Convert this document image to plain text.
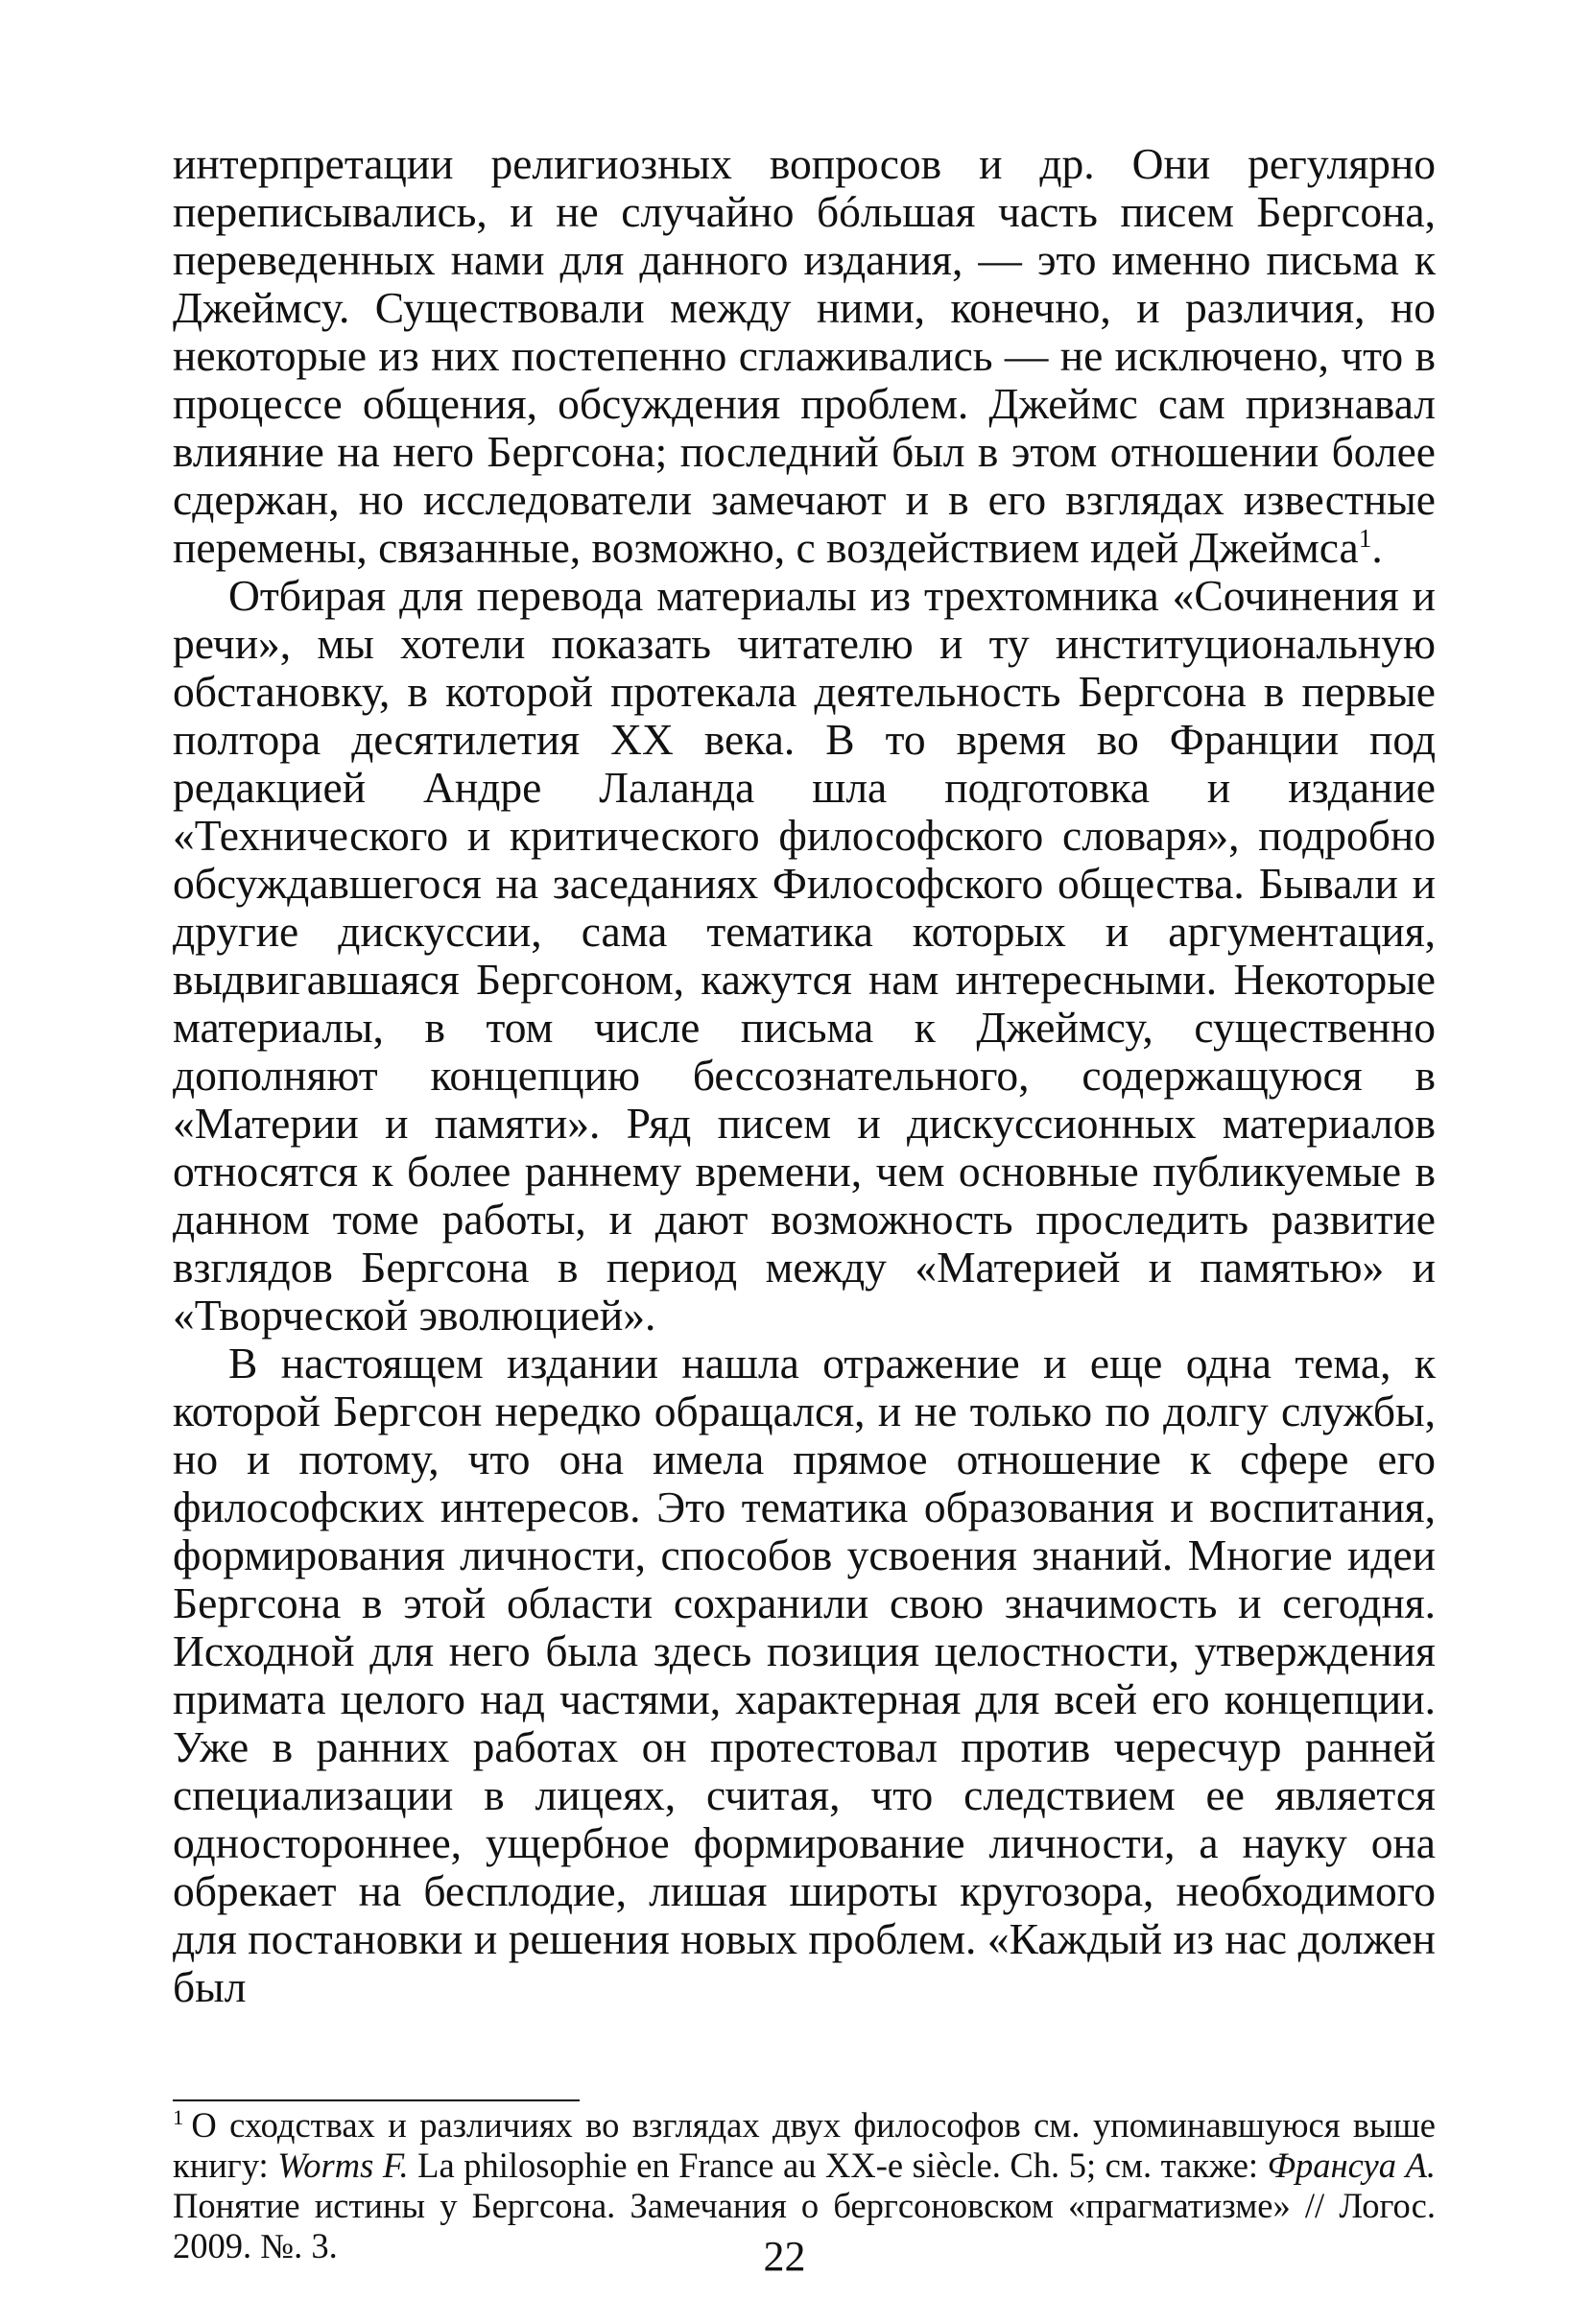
интерпретации религиозных вопросов и др. Они регулярно переписывались, и не случайно бóльшая часть писем Бергсона, переведенных нами для данного издания, — это именно письма к Джеймсу. Существовали между ними, конечно, и различия, но некоторые из них постепенно сглаживались — не исключено, что в процессе общения, обсуждения проблем. Джеймс сам признавал влияние на него Бергсона; последний был в этом отношении более сдержан, но исследователи замечают и в его взглядах известные перемены, связанные, возможно, с воздействием идей Джеймса$^1$.

Отбирая для перевода материалы из трехтомника «Сочинения и речи», мы хотели показать читателю и ту институциональную обстановку, в которой протекала деятельность Бергсона в первые полтора десятилетия XX века. В то время во Франции под редакцией Андре Лаланда шла подготовка и издание «Технического и критического философского словаря», подробно обсуждавшегося на заседаниях Философского общества. Бывали и другие дискуссии, сама тематика которых и аргументация, выдвигавшаяся Бергсоном, кажутся нам интересными. Некоторые материалы, в том числе письма к Джеймсу, существенно дополняют концепцию бессознательного, содержащуюся в «Материи и памяти». Ряд писем и дискуссионных материалов относятся к более раннему времени, чем основные публикуемые в данном томе работы, и дают возможность проследить развитие взглядов Бергсона в период между «Материей и памятью» и «Творческой эволюцией».

В настоящем издании нашла отражение и еще одна тема, к которой Бергсон нередко обращался, и не только по долгу службы, но и потому, что она имела прямое отношение к сфере его философских интересов. Это тематика образования и воспитания, формирования личности, способов усвоения знаний. Многие идеи Бергсона в этой области сохранили свою значимость и сегодня. Исходной для него была здесь позиция целостности, утверждения примата целого над частями, характерная для всей его концепции. Уже в ранних работах он протестовал против чересчур ранней специализации в лицеях, считая, что следствием ее является одностороннее, ущербное формирование личности, а науку она обрекает на бесплодие, лишая широты кругозора, необходимого для постановки и решения новых проблем. «Каждый из нас должен был

$^1$ О сходствах и различиях во взглядах двух философов см. упоминавшуюся выше книгу: Worms F. La philosophie en France au XX-e siècle. Ch. 5; см. также: Франсуа А. Понятие истины у Бергсона. Замечания о бергсоновском «прагматизме» // Логос. 2009. №. 3.	22
